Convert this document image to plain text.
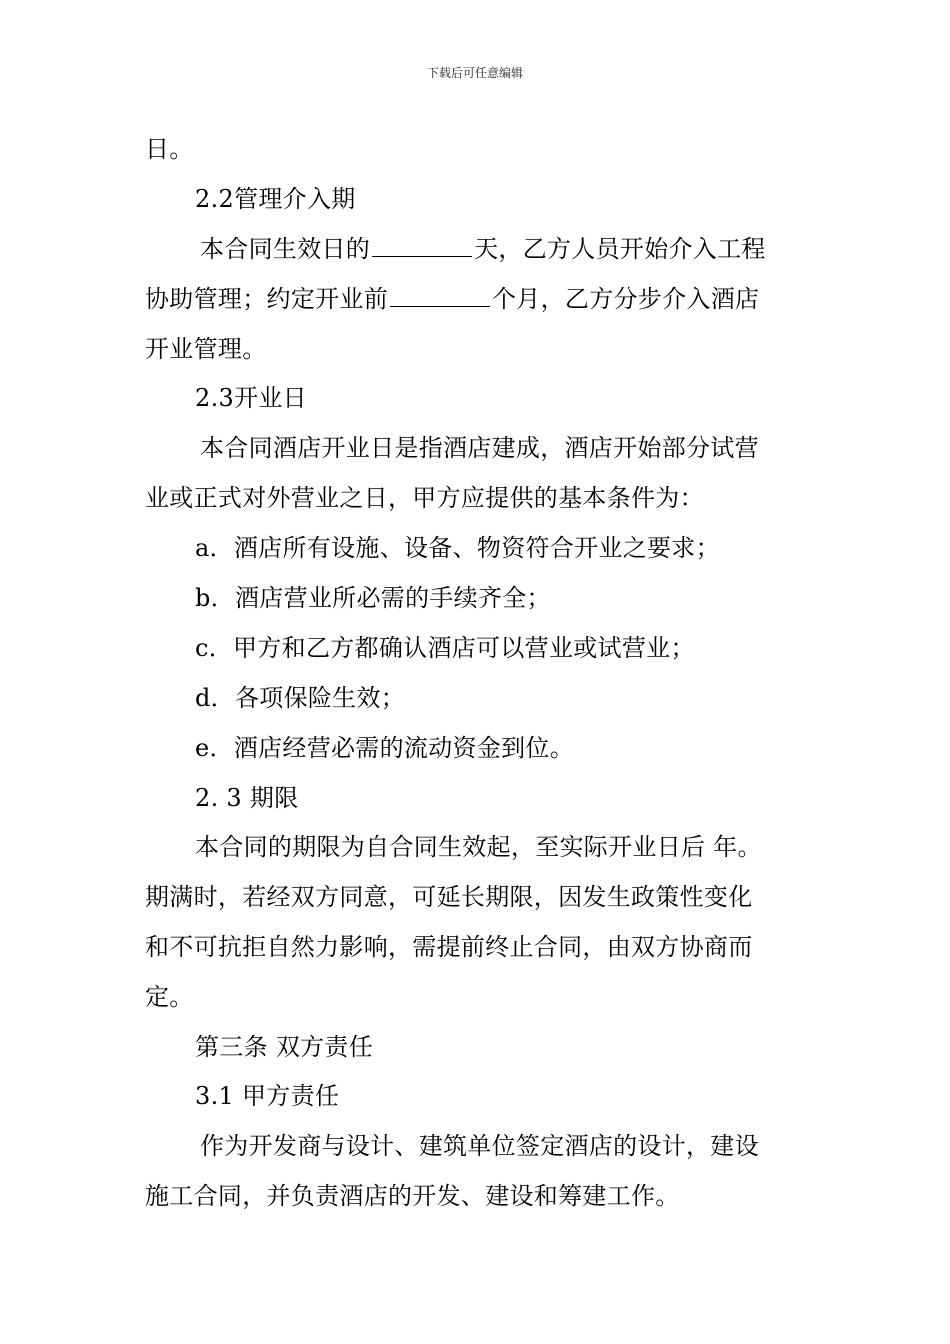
下载后可任意编辑
日。
2.2管理介入期
本合同生效日的	天，乙方人员开始介入工程
协助管理；约定开业前	个月，乙方分步介入酒店
开业管理。
2.3开业日
本合同酒店开业日是指酒店建成，酒店开始部分试营
业或正式对外营业之日，甲方应提供的基本条件为：
a．酒店所有设施、设备、物资符合开业之要求；
b．酒店营业所必需的手续齐全；
c．甲方和乙方都确认酒店可以营业或试营业；
d．各项保险生效；
e．酒店经营必需的流动资金到位。
2. 3 期限
本合同的期限为自合同生效起，至实际开业日后 年。
期满时，若经双方同意，可延长期限，因发生政策性变化
和不可抗拒自然力影响，需提前终止合同，由双方协商而
定。
第三条 双方责任
3.1 甲方责任
作为开发商与设计、建筑单位签定酒店的设计，建设
施工合同，并负责酒店的开发、建设和筹建工作。
